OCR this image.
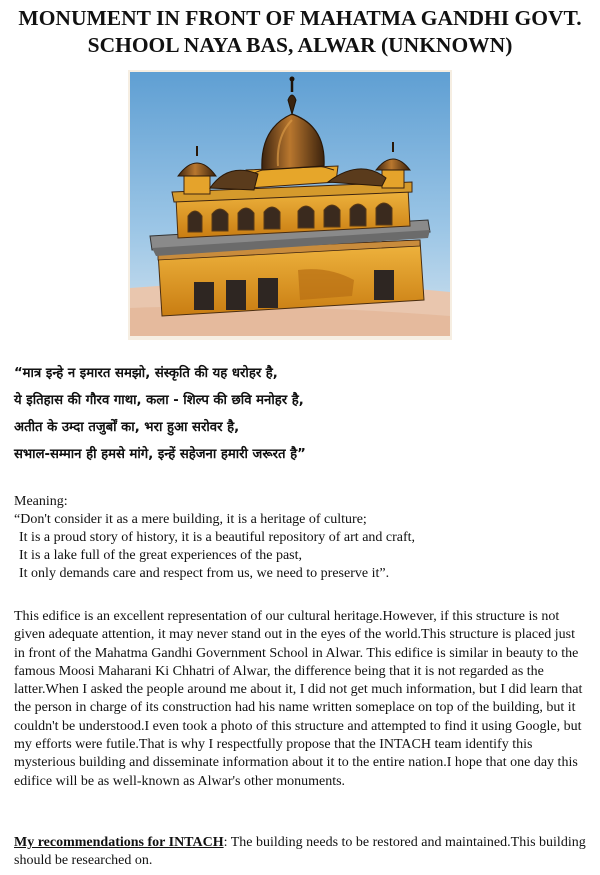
MONUMENT IN FRONT OF MAHATMA GANDHI GOVT.
SCHOOL NAYA BAS, ALWAR (UNKNOWN)
“मात्र इन्हे न इमारत समझो, संस्कृति की यह धरोहर है,
ये इतिहास की गौरव गाथा, कला - शिल्प की छवि मनोहर है,
अतीत के उम्दा तजुर्बों का, भरा हुआ सरोवर है,
सभाल-सम्मान ही हमसे मांगे, इन्हें सहेजना हमारी जरूरत है”
Meaning:
“Don't consider it as a mere building, it is a heritage of culture;
It is a proud story of history, it is a beautiful repository of art and craft,
It is a lake full of the great experiences of the past,
It only demands care and respect from us, we need to preserve it”.

This edifice is an excellent representation of our cultural heritage.However, if this structure is not given adequate attention, it may never stand out in the eyes of the world.This structure is placed just in front of the Mahatma Gandhi Government School in Alwar. This edifice is similar in beauty to the famous Moosi Maharani Ki Chhatri of Alwar, the difference being that it is not regarded as the latter.When I asked the people around me about it, I did not get much information, but I did learn that the person in charge of its construction had his name written someplace on top of the building, but it couldn't be understood.I even took a photo of this structure and attempted to find it using Google, but my efforts were futile.That is why I respectfully propose that the INTACH team identify this mysterious building and disseminate information about it to the entire nation.I hope that one day this edifice will be as well-known as Alwar's other monuments.

My recommendations for INTACH: The building needs to be restored and maintained.This building should be researched on.
